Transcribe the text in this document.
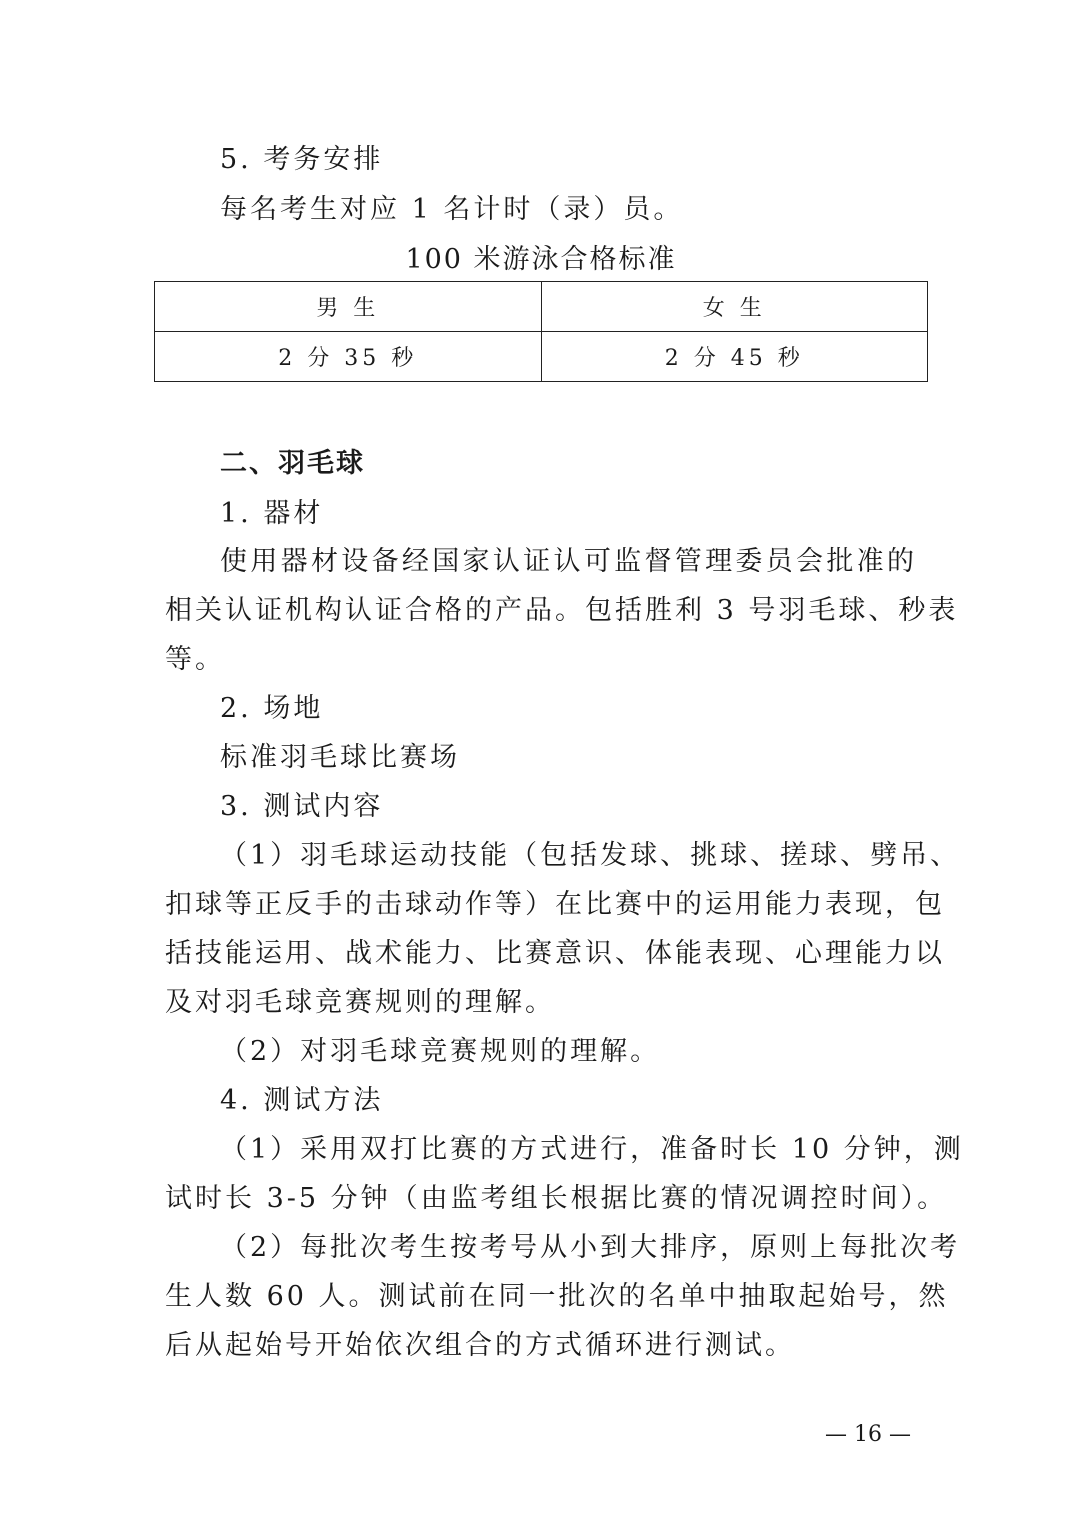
5. 考务安排
每名考生对应 1 名计时（录）员。
100 米游泳合格标准
男 生	女 生
2 分 35 秒	2 分 45 秒
二、羽毛球
1. 器材
使用器材设备经国家认证认可监督管理委员会批准的
相关认证机构认证合格的产品。包括胜利 3 号羽毛球、秒表
等。
2. 场地
标准羽毛球比赛场
3. 测试内容
（1）羽毛球运动技能（包括发球、挑球、搓球、劈吊、
扣球等正反手的击球动作等）在比赛中的运用能力表现，包
括技能运用、战术能力、比赛意识、体能表现、心理能力以
及对羽毛球竞赛规则的理解。
（2）对羽毛球竞赛规则的理解。
4. 测试方法
（1）采用双打比赛的方式进行，准备时长 10 分钟，测
试时长 3-5 分钟（由监考组长根据比赛的情况调控时间）。
（2）每批次考生按考号从小到大排序，原则上每批次考
生人数 60 人。测试前在同一批次的名单中抽取起始号，然
后从起始号开始依次组合的方式循环进行测试。
— 16 —
